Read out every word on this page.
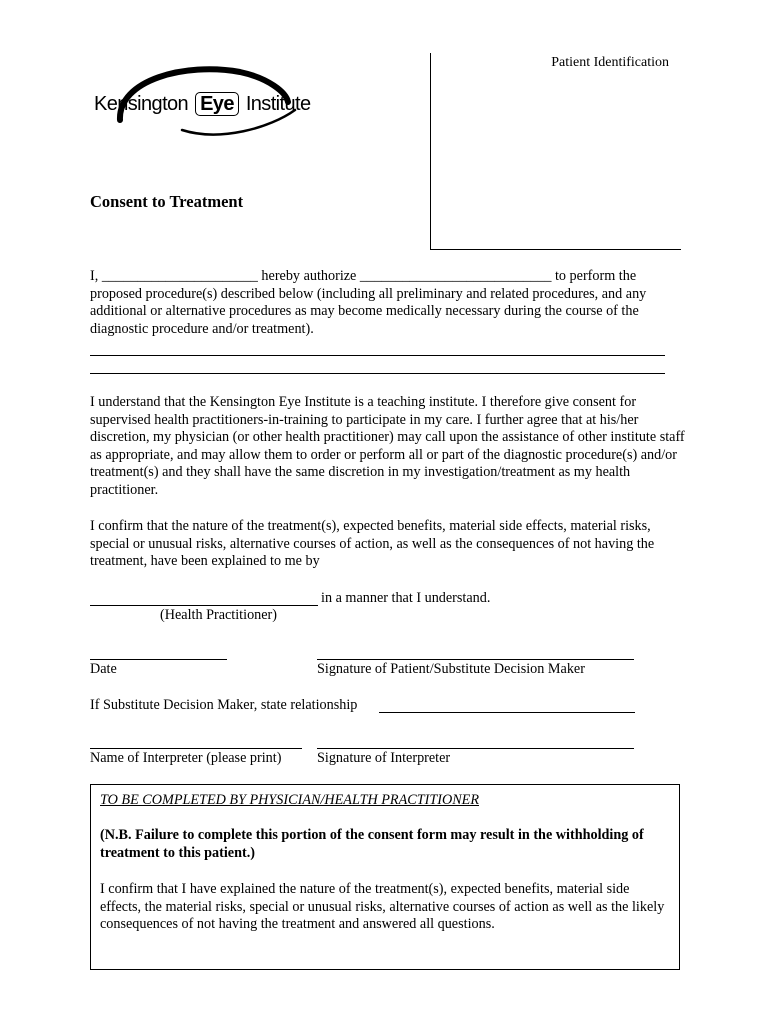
Kensington Eye Institute
Patient Identification
Consent to Treatment
I, ______________________ hereby authorize ___________________________ to perform the
proposed procedure(s) described below (including all preliminary and related procedures, and any additional or alternative procedures as may become medically necessary during the course of the diagnostic procedure and/or treatment).
I understand that the Kensington Eye Institute is a teaching institute. I therefore give consent for supervised health practitioners-in-training to participate in my care. I further agree that at his/her discretion, my physician (or other health practitioner) may call upon the assistance of other institute staff as appropriate, and may allow them to order or perform all or part of the diagnostic procedure(s) and/or treatment(s) and they shall have the same discretion in my investigation/treatment as my health practitioner.
I confirm that the nature of the treatment(s), expected benefits, material side effects, material risks, special or unusual risks, alternative courses of action, as well as the consequences of not having the treatment, have been explained to me by
in a manner that I understand.
(Health Practitioner)
Date	Signature of Patient/Substitute Decision Maker
If Substitute Decision Maker, state relationship
Name of Interpreter (please print)	Signature of Interpreter
TO BE COMPLETED BY PHYSICIAN/HEALTH PRACTITIONER
(N.B. Failure to complete this portion of the consent form may result in the withholding of treatment to this patient.)
I confirm that I have explained the nature of the treatment(s), expected benefits, material side effects, the material risks, special or unusual risks, alternative courses of action as well as the likely consequences of not having the treatment and answered all questions.
